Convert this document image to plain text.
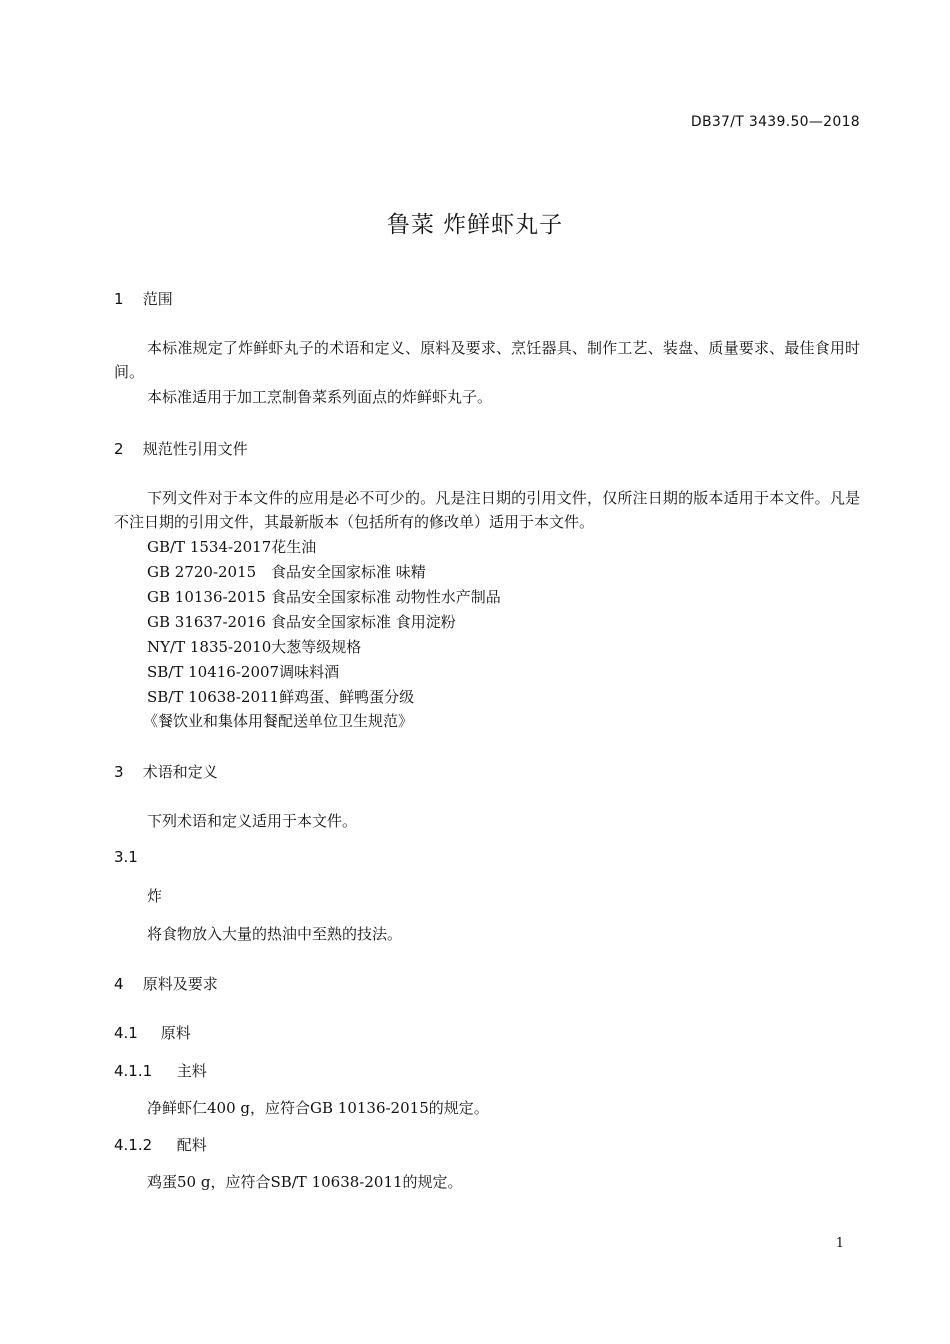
DB37/T 3439.50—2018
鲁菜 炸鲜虾丸子
1 范围

本标准规定了炸鲜虾丸子的术语和定义、原料及要求、烹饪器具、制作工艺、装盘、质量要求、最佳食用时间。

本标准适用于加工烹制鲁菜系列面点的炸鲜虾丸子。

2 规范性引用文件

下列文件对于本文件的应用是必不可少的。凡是注日期的引用文件，仅所注日期的版本适用于本文件。凡是不注日期的引用文件，其最新版本（包括所有的修改单）适用于本文件。

GB/T 1534-2017花生油

GB 2720-2015 食品安全国家标准 味精

GB 10136-2015 食品安全国家标准 动物性水产制品

GB 31637-2016 食品安全国家标准 食用淀粉

NY/T 1835-2010大葱等级规格

SB/T 10416-2007调味料酒

SB/T 10638-2011鲜鸡蛋、鲜鸭蛋分级

《餐饮业和集体用餐配送单位卫生规范》

3 术语和定义

下列术语和定义适用于本文件。

3.1
炸

将食物放入大量的热油中至熟的技法。

4 原料及要求
4.1 原料
4.1.1 主料

净鲜虾仁400 g，应符合GB 10136-2015的规定。

4.1.2 配料

鸡蛋50 g，应符合SB/T 10638-2011的规定。

1
